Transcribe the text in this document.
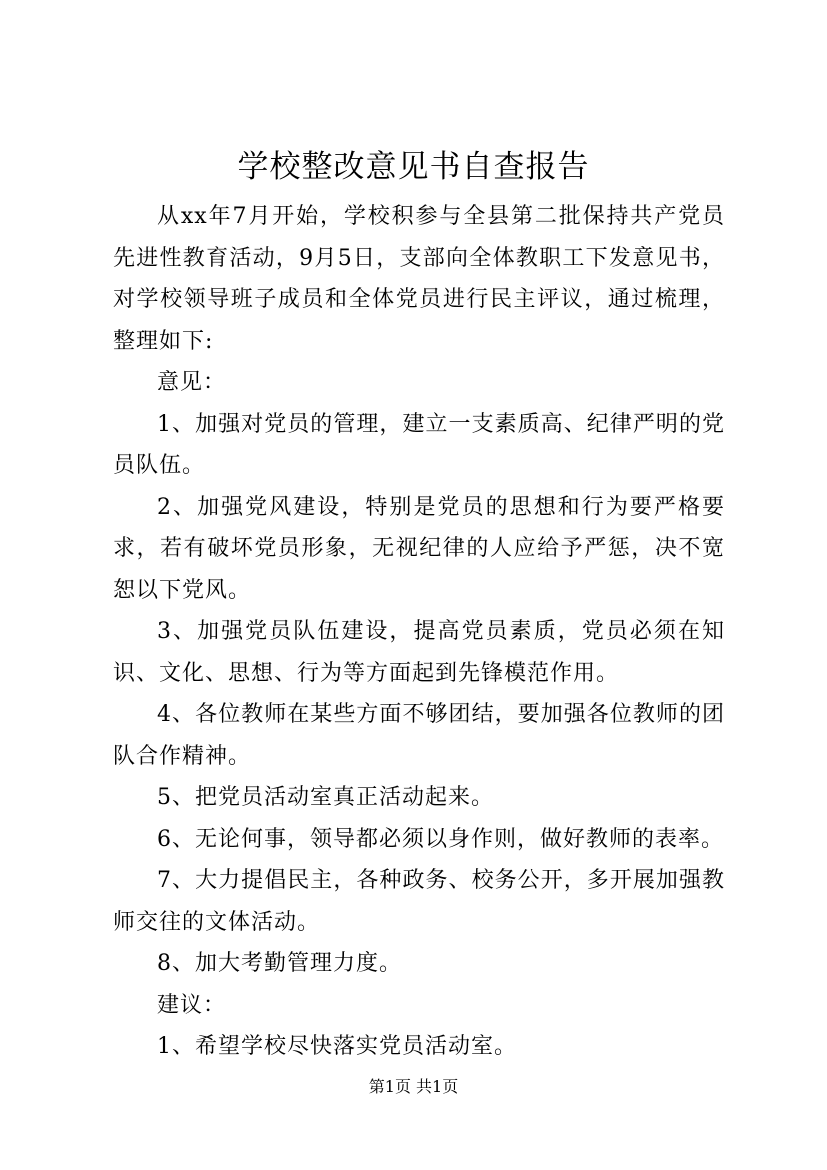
学校整改意见书自查报告

从xx年7月开始，学校积参与全县第二批保持共产党员先进性教育活动，9月5日，支部向全体教职工下发意见书，对学校领导班子成员和全体党员进行民主评议，通过梳理，整理如下:

意见：

1、加强对党员的管理，建立一支素质高、纪律严明的党员队伍。

2、加强党风建设，特别是党员的思想和行为要严格要求，若有破坏党员形象，无视纪律的人应给予严惩，决不宽恕以下党风。

3、加强党员队伍建设，提高党员素质，党员必须在知识、文化、思想、行为等方面起到先锋模范作用。

4、各位教师在某些方面不够团结，要加强各位教师的团队合作精神。

5、把党员活动室真正活动起来。

6、无论何事，领导都必须以身作则，做好教师的表率。

7、大力提倡民主，各种政务、校务公开，多开展加强教师交往的文体活动。

8、加大考勤管理力度。

建议：

1、希望学校尽快落实党员活动室。

第1页 共1页
